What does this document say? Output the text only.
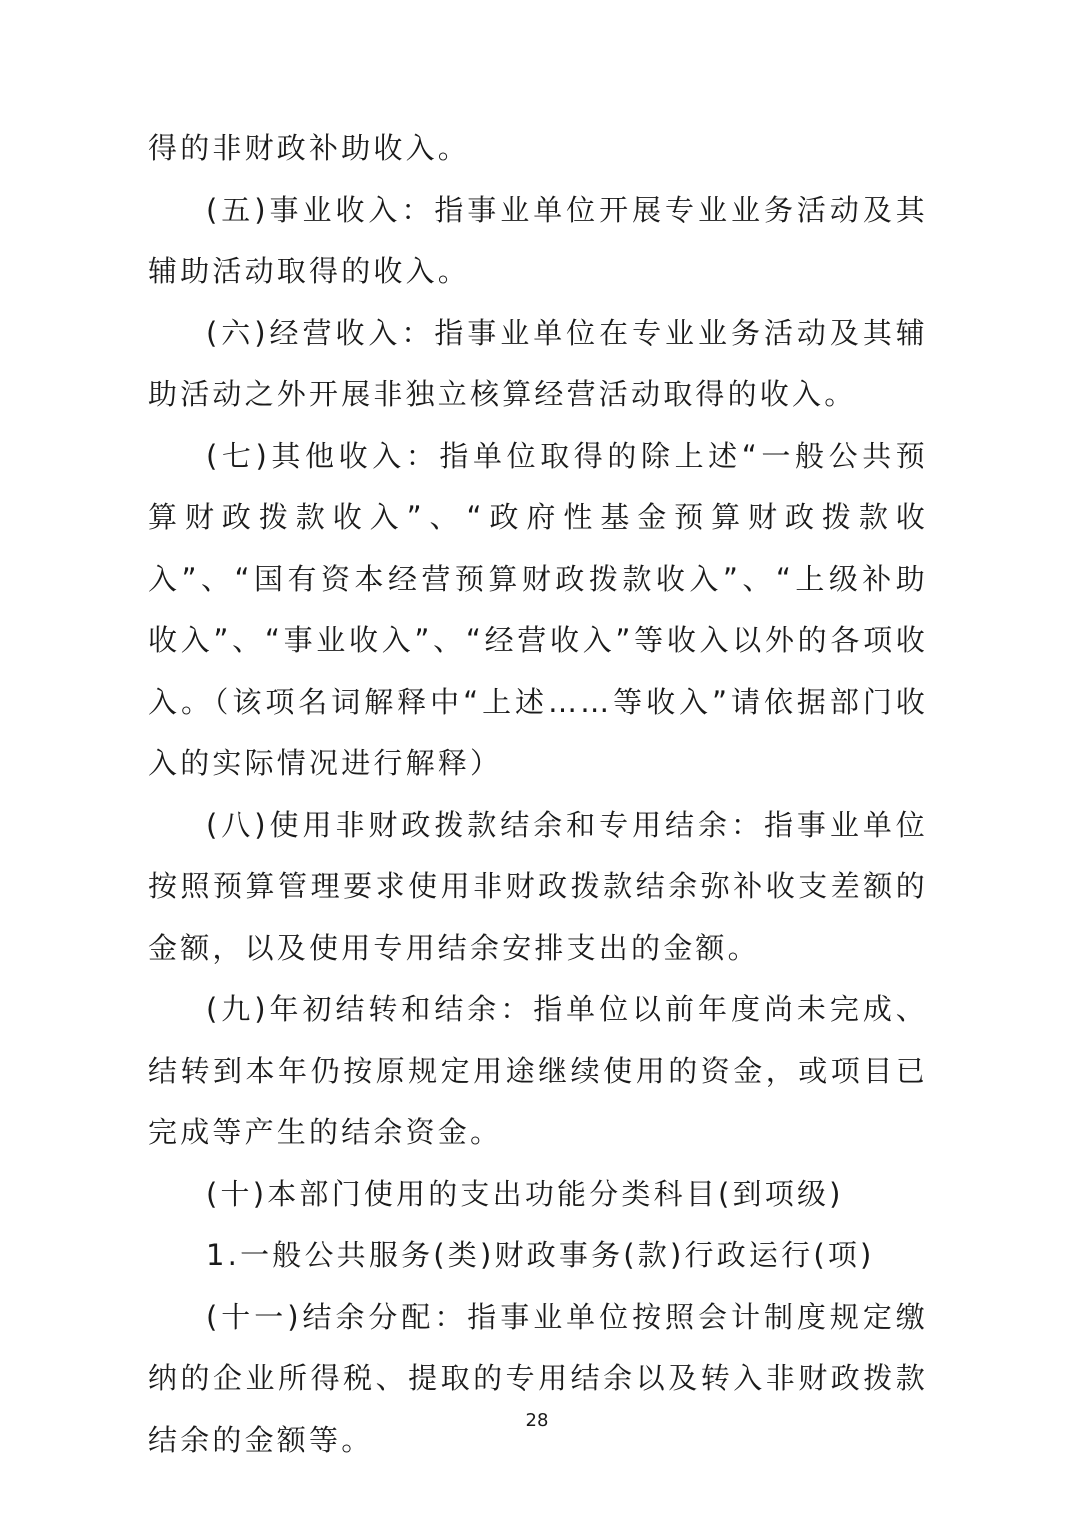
得的非财政补助收入。

(五)事业收入：指事业单位开展专业业务活动及其辅助活动取得的收入。

(六)经营收入：指事业单位在专业业务活动及其辅助活动之外开展非独立核算经营活动取得的收入。

(七)其他收入：指单位取得的除上述“一般公共预算财政拨款收入”、“政府性基金预算财政拨款收入”、“国有资本经营预算财政拨款收入”、“上级补助收入”、“事业收入”、“经营收入”等收入以外的各项收入。（该项名词解释中“上述……等收入”请依据部门收入的实际情况进行解释）

(八)使用非财政拨款结余和专用结余：指事业单位按照预算管理要求使用非财政拨款结余弥补收支差额的金额，以及使用专用结余安排支出的金额。

(九)年初结转和结余：指单位以前年度尚未完成、结转到本年仍按原规定用途继续使用的资金，或项目已完成等产生的结余资金。

(十)本部门使用的支出功能分类科目(到项级)

1.一般公共服务(类)财政事务(款)行政运行(项)

(十一)结余分配：指事业单位按照会计制度规定缴纳的企业所得税、提取的专用结余以及转入非财政拨款结余的金额等。

28
